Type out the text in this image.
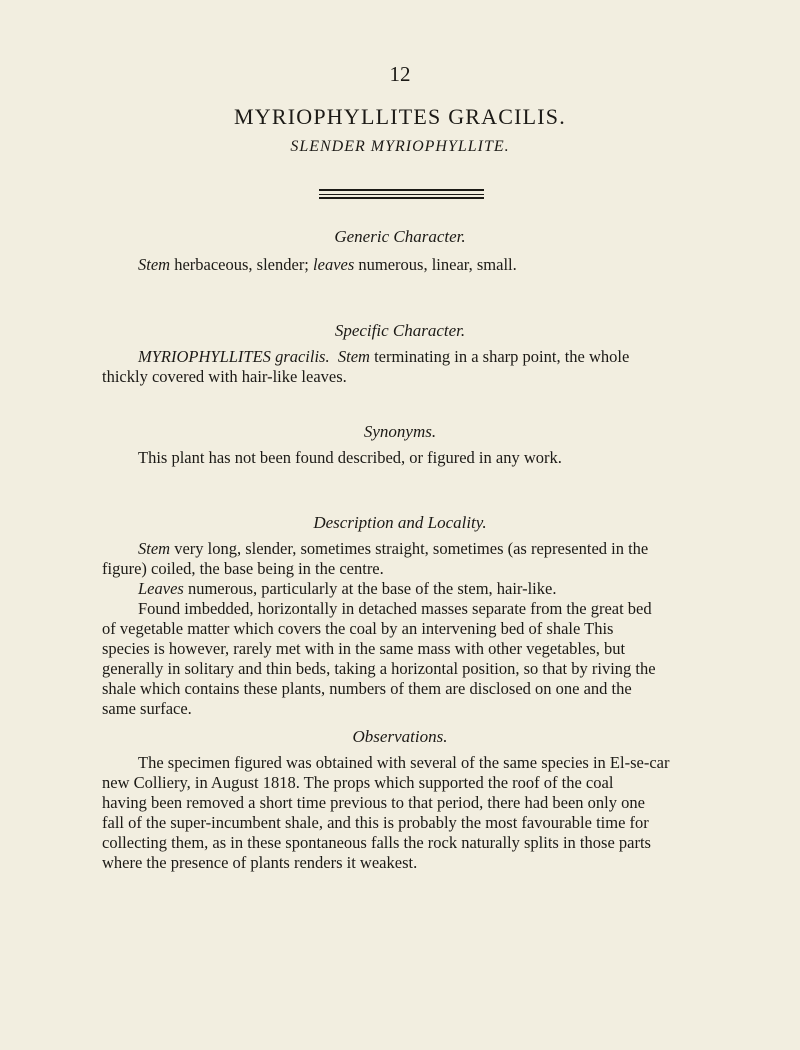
12
MYRIOPHYLLITES GRACILIS.
SLENDER MYRIOPHYLLITE.
Generic Character.
Stem herbaceous, slender; leaves numerous, linear, small.
Specific Character.
MYRIOPHYLLITES gracilis. Stem terminating in a sharp point, the whole
thickly covered with hair-like leaves.
Synonyms.
This plant has not been found described, or figured in any work.
Description and Locality.
Stem very long, slender, sometimes straight, sometimes (as represented in the
figure) coiled, the base being in the centre.
Leaves numerous, particularly at the base of the stem, hair-like.
Found imbedded, horizontally in detached masses separate from the great bed
of vegetable matter which covers the coal by an intervening bed of shale This
species is however, rarely met with in the same mass with other vegetables, but
generally in solitary and thin beds, taking a horizontal position, so that by riving the
shale which contains these plants, numbers of them are disclosed on one and the
same surface.
Observations.
The specimen figured was obtained with several of the same species in El-se-car
new Colliery, in August 1818. The props which supported the roof of the coal
having been removed a short time previous to that period, there had been only one
fall of the super-incumbent shale, and this is probably the most favourable time for
collecting them, as in these spontaneous falls the rock naturally splits in those parts
where the presence of plants renders it weakest.
